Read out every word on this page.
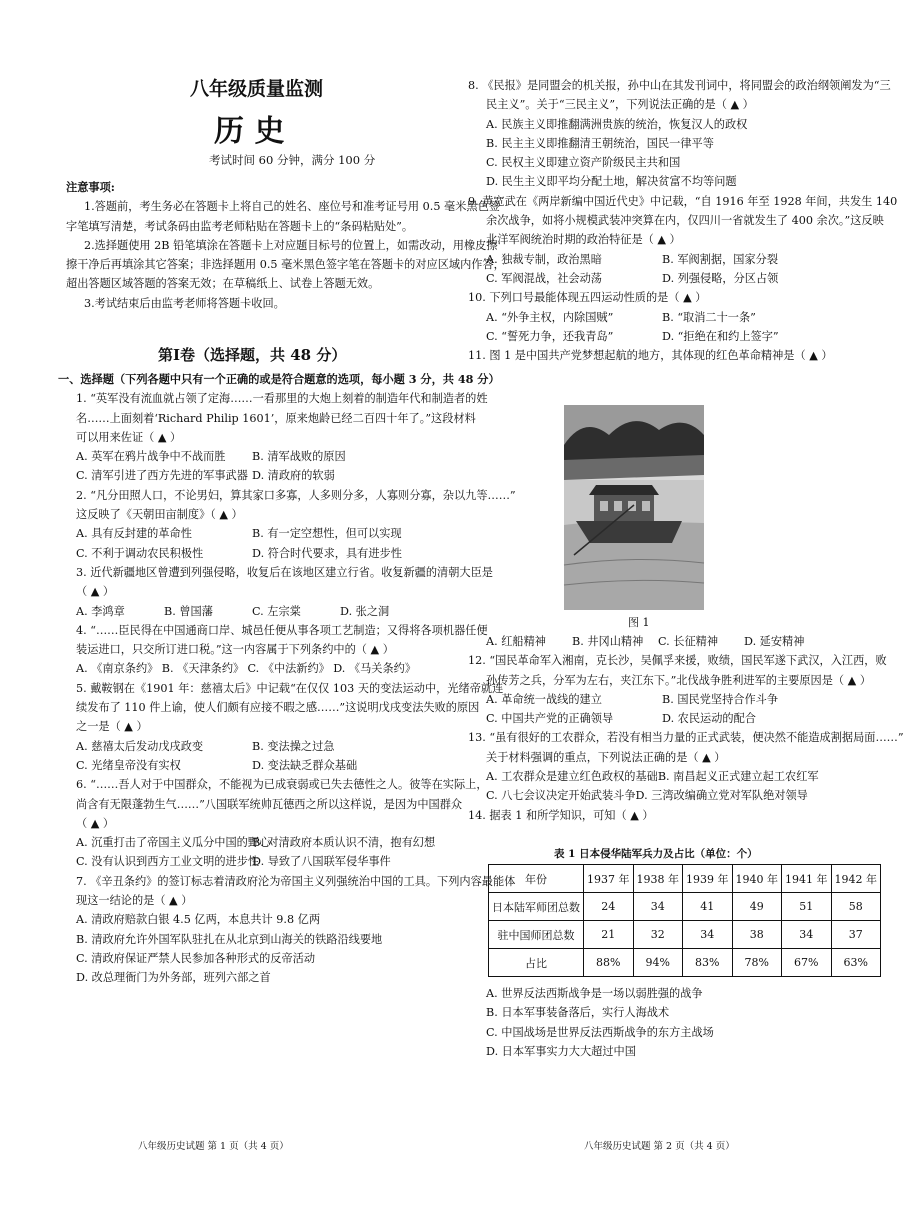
八年级质量监测
历 史
考试时间 60 分钟，满分 100 分

注意事项:

1.答题前，考生务必在答题卡上将自己的姓名、座位号和准考证号用 0.5 毫米黑色签

字笔填写清楚，考试条码由监考老师粘贴在答题卡上的“条码粘贴处”。

2.选择题使用 2B 铅笔填涂在答题卡上对应题目标号的位置上，如需改动，用橡皮擦

擦干净后再填涂其它答案；非选择题用 0.5 毫米黑色签字笔在答题卡的对应区域内作答，

超出答题区域答题的答案无效；在草稿纸上、试卷上答题无效。

3.考试结束后由监考老师将答题卡收回。

第Ⅰ卷（选择题，共 48 分）

一、选择题（下列各题中只有一个正确的或是符合题意的选项，每小题 3 分，共 48 分）

1. “英军没有流血就占领了定海……一看那里的大炮上刻着的制造年代和制造者的姓

名……上面刻着‘Richard Philip 1601’，原来炮龄已经二百四十年了。”这段材料

可以用来佐证（ ▲ ）

A. 英军在鸦片战争中不战而胜	B. 清军战败的原因
C. 清军引进了西方先进的军事武器 D. 清政府的软弱

2. “凡分田照人口，不论男妇，算其家口多寡，人多则分多，人寡则分寡，杂以九等……”

这反映了《天朝田亩制度》（ ▲ ）

A. 具有反封建的革命性	B. 有一定空想性，但可以实现
C. 不利于调动农民积极性	D. 符合时代要求，具有进步性

3. 近代新疆地区曾遭到列强侵略，收复后在该地区建立行省。收复新疆的清朝大臣是

（ ▲ ）

A. 李鸿章	B. 曾国藩	C. 左宗棠	D. 张之洞

4. “……臣民得在中国通商口岸、城邑任便从事各项工艺制造；又得将各项机器任便

装运进口，只交所订进口税。”这一内容属于下列条约中的（ ▲ ）

A. 《南京条约》 B. 《天津条约》 C. 《中法新约》 D. 《马关条约》

5. 戴鞍钢在《1901 年：慈禧太后》中记载“在仅仅 103 天的变法运动中，光绪帝就连

续发布了 110 件上谕，使人们颇有应接不暇之感……”这说明戊戌变法失败的原因

之一是（ ▲ ）

A. 慈禧太后发动戊戌政变	B. 变法操之过急
C. 光绪皇帝没有实权	D. 变法缺乏群众基础

6. “……吾人对于中国群众，不能视为已成衰弱或已失去德性之人。彼等在实际上，

尚含有无限蓬勃生气……”八国联军统帅瓦德西之所以这样说，是因为中国群众

（ ▲ ）

A. 沉重打击了帝国主义瓜分中国的野心
B. 对清政府本质认识不清，抱有幻想
C. 没有认识到西方工业文明的进步性
D. 导致了八国联军侵华事件

7. 《辛丑条约》的签订标志着清政府沦为帝国主义列强统治中国的工具。下列内容最能体

现这一结论的是（ ▲ ）

A. 清政府赔款白银 4.5 亿两，本息共计 9.8 亿两

B. 清政府允许外国军队驻扎在从北京到山海关的铁路沿线要地

C. 清政府保证严禁人民参加各种形式的反帝活动

D. 改总理衙门为外务部，班列六部之首

八年级历史试题 第 1 页（共 4 页）

8. 《民报》是同盟会的机关报，孙中山在其发刊词中，将同盟会的政治纲领阐发为“三

民主义”。关于“三民主义”，下列说法正确的是（ ▲ ）

A. 民族主义即推翻满洲贵族的统治，恢复汉人的政权

B. 民主主义即推翻清王朝统治，国民一律平等

C. 民权主义即建立资产阶级民主共和国

D. 民生主义即平均分配土地，解决贫富不均等问题

9. 黄宽武在《两岸新编中国近代史》中记载，“自 1916 年至 1928 年间，共发生 140

余次战争，如将小规模武装冲突算在内，仅四川一省就发生了 400 余次。”这反映

北洋军阀统治时期的政治特征是（ ▲ ）

A. 独裁专制，政治黑暗	B. 军阀割据，国家分裂
C. 军阀混战，社会动荡	D. 列强侵略，分区占领

10. 下列口号最能体现五四运动性质的是（ ▲ ）

A. “外争主权，内除国贼”	B. “取消二十一条”
C. “誓死力争，还我青岛”	D. “拒绝在和约上签字”

11. 图 1 是中国共产党梦想起航的地方，其体现的红色革命精神是（ ▲ ）

图 1
A. 红船精神	B. 井冈山精神	C. 长征精神	D. 延安精神

12. “国民革命军入湘南，克长沙，吴佩孚来援，败绩，国民军遂下武汉，入江西，败

孙传芳之兵，分军为左右，夹江东下。”北伐战争胜利进军的主要原因是（ ▲ ）

A. 革命统一战线的建立	B. 国民党坚持合作斗争
C. 中国共产党的正确领导	D. 农民运动的配合

13. “虽有很好的工农群众，若没有相当力量的正式武装，便决然不能造成割据局面……”

关于材料强调的重点，下列说法正确的是（ ▲ ）

A. 工农群众是建立红色政权的基础 B. 南昌起义正式建立起工农红军
C. 八七会议决定开始武装斗争 D. 三湾改编确立党对军队绝对领导

14. 据表 1 和所学知识，可知（ ▲ ）

表 1 日本侵华陆军兵力及占比（单位：个）
年份	1937 年	1938 年	1939 年	1940 年	1941 年	1942 年
日本陆军师团总数	24	34	41	49	51	58
驻中国师团总数	21	32	34	38	34	37
占比	88%	94%	83%	78%	67%	63%

A. 世界反法西斯战争是一场以弱胜强的战争

B. 日本军事装备落后，实行人海战术

C. 中国战场是世界反法西斯战争的东方主战场

D. 日本军事实力大大超过中国

八年级历史试题 第 2 页（共 4 页）
